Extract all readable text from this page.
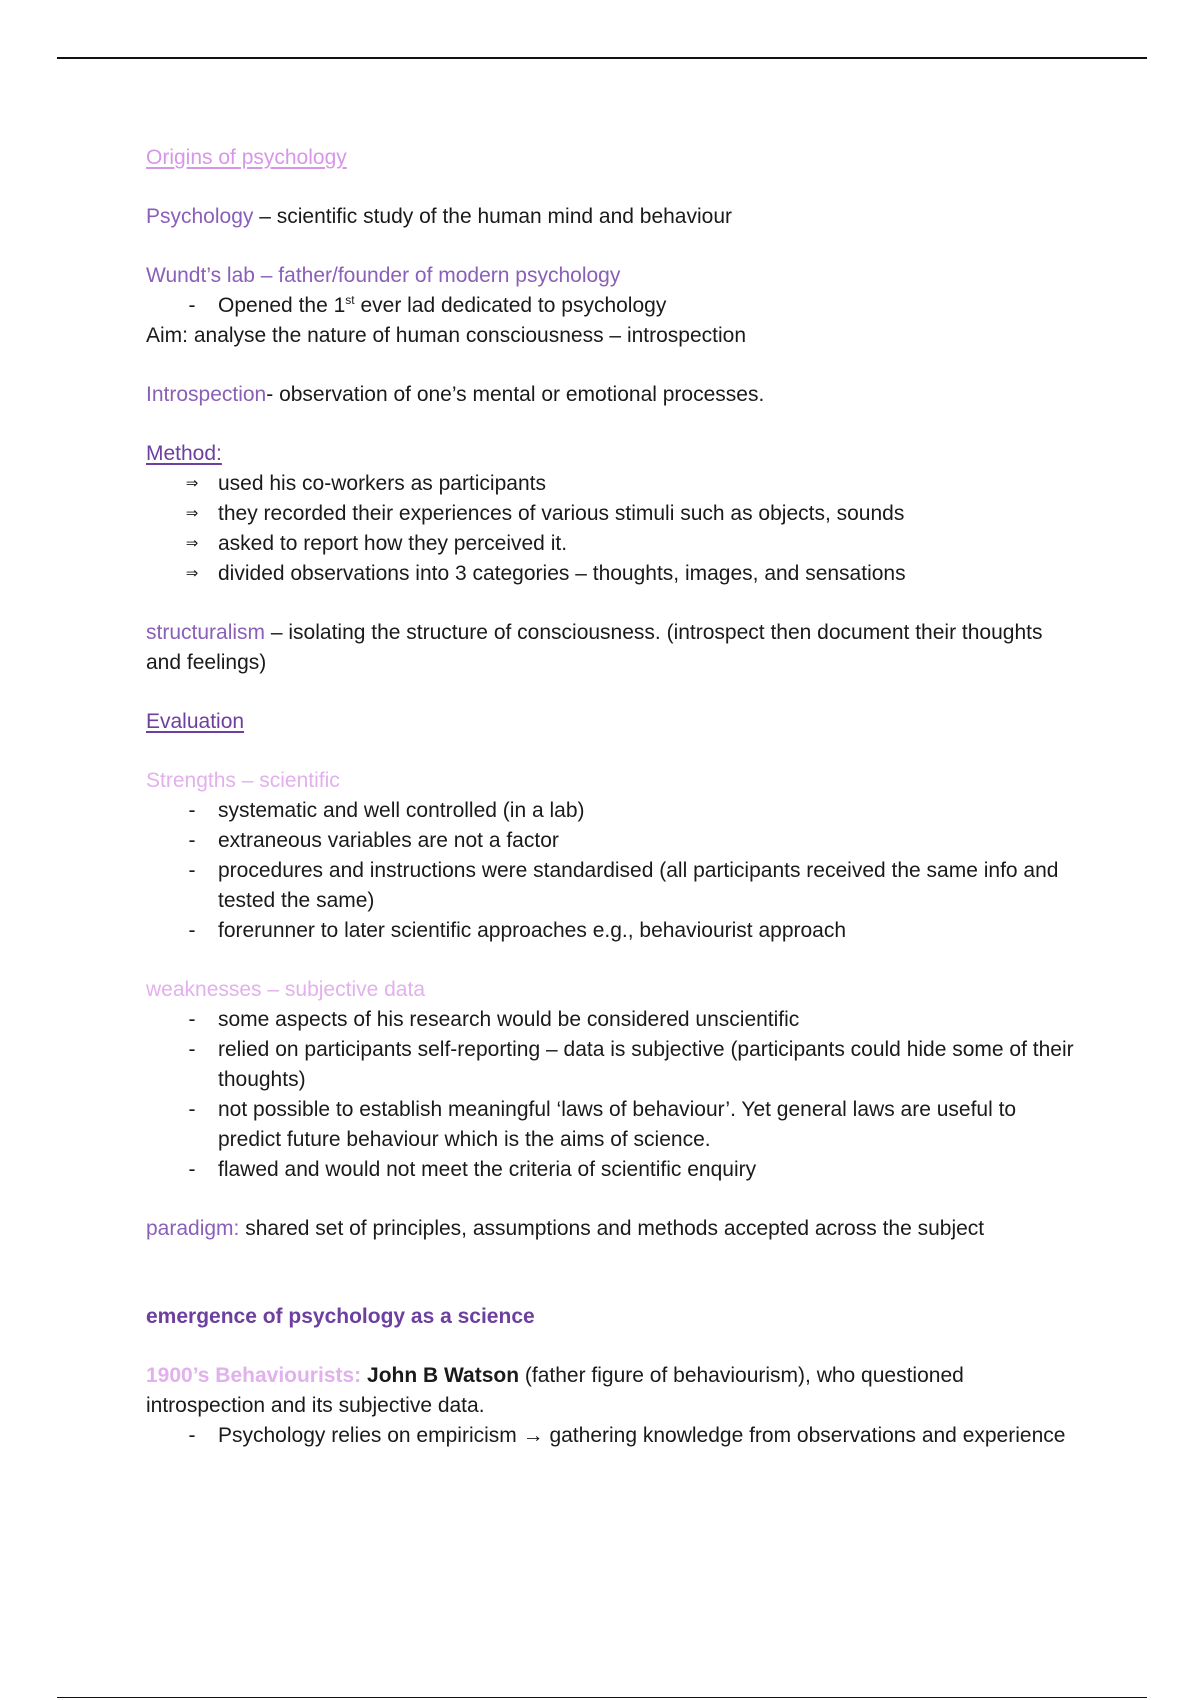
Origins of psychology

Psychology – scientific study of the human mind and behaviour

Wundt’s lab – father/founder of modern psychology

-	Opened the 1st ever lad dedicated to psychology

Aim: analyse the nature of human consciousness – introspection

Introspection- observation of one’s mental or emotional processes.

Method:

⇒ used his co-workers as participants
⇒ they recorded their experiences of various stimuli such as objects, sounds
⇒ asked to report how they perceived it.
⇒ divided observations into 3 categories – thoughts, images, and sensations

structuralism – isolating the structure of consciousness. (introspect then document their thoughts and feelings)

Evaluation

Strengths – scientific

-	systematic and well controlled (in a lab)
-	extraneous variables are not a factor
-	procedures and instructions were standardised (all participants received the same info and tested the same)
-	forerunner to later scientific approaches e.g., behaviourist approach

weaknesses – subjective data

-	some aspects of his research would be considered unscientific
-	relied on participants self-reporting – data is subjective (participants could hide some of their thoughts)
-	not possible to establish meaningful ‘laws of behaviour’. Yet general laws are useful to predict future behaviour which is the aims of science.
-	flawed and would not meet the criteria of scientific enquiry

paradigm: shared set of principles, assumptions and methods accepted across the subject

emergence of psychology as a science

1900’s Behaviourists: John B Watson (father figure of behaviourism), who questioned introspection and its subjective data.

-	Psychology relies on empiricism → gathering knowledge from observations and experience
